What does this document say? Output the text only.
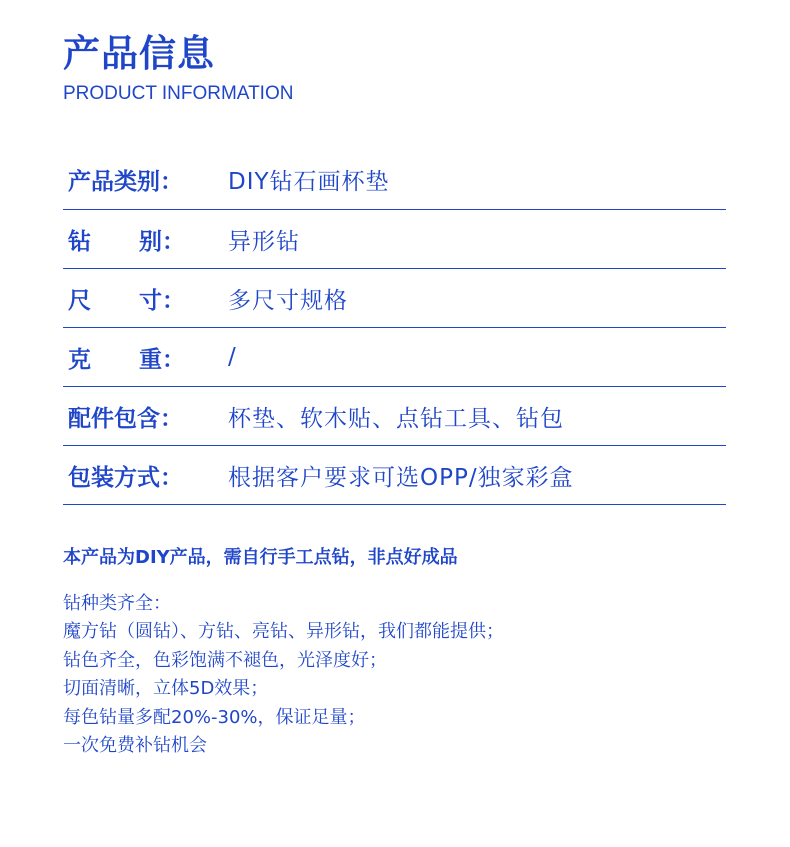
产品信息
PRODUCT INFORMATION
产品类别：	DIY钻石画杯垫
钻      别：	异形钻
尺      寸：	多尺寸规格
克      重：	/
配件包含：	杯垫、软木贴、点钻工具、钻包
包装方式：	根据客户要求可选OPP/独家彩盒
本产品为DIY产品，需自行手工点钻，非点好成品
钻种类齐全：
魔方钻（圆钻）、方钻、亮钻、异形钻，我们都能提供；
钻色齐全，色彩饱满不褪色，光泽度好；
切面清晰，立体5D效果；
每色钻量多配20%-30%，保证足量；
一次免费补钻机会
